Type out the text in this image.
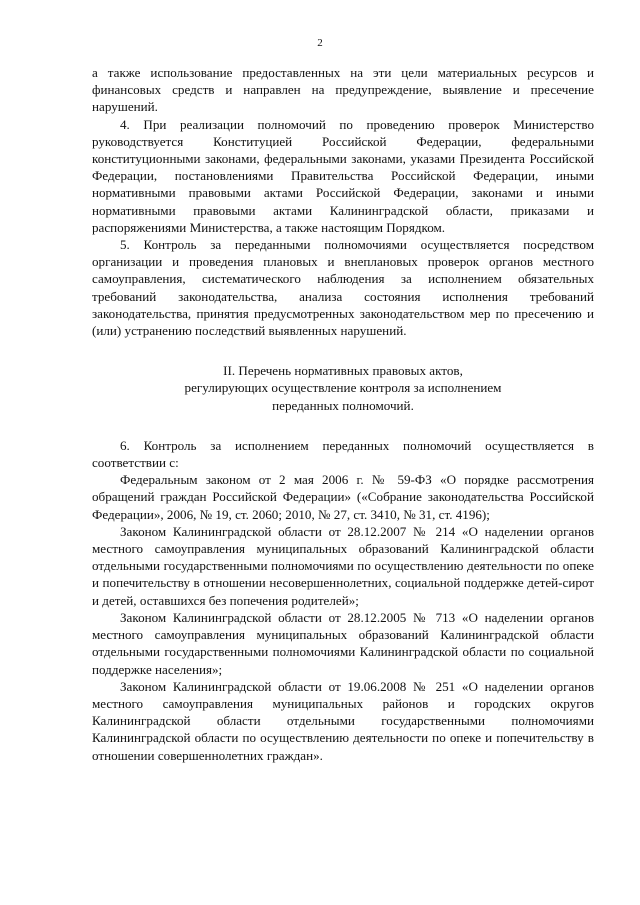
2

а также использование предоставленных на эти цели материальных ресурсов и финансовых средств и направлен на предупреждение, выявление и пресечение нарушений.

4. При реализации полномочий по проведению проверок Министерство руководствуется Конституцией Российской Федерации, федеральными конституционными законами, федеральными законами, указами Президента Российской Федерации, постановлениями Правительства Российской Федерации, иными нормативными правовыми актами Российской Федерации, законами и иными нормативными правовыми актами Калининградской области, приказами и распоряжениями Министерства, а также настоящим Порядком.

5. Контроль за переданными полномочиями осуществляется посредством организации и проведения плановых и внеплановых проверок органов местного самоуправления, систематического наблюдения за исполнением обязательных требований законодательства, анализа состояния исполнения требований законодательства, принятия предусмотренных законодательством мер по пресечению и (или) устранению последствий выявленных нарушений.

II. Перечень нормативных правовых актов,
регулирующих осуществление контроля за исполнением
переданных полномочий.

6. Контроль за исполнением переданных полномочий осуществляется в соответствии с:

Федеральным законом от 2 мая 2006 г. № 59-ФЗ «О порядке рассмотрения обращений граждан Российской Федерации» («Собрание законодательства Российской Федерации», 2006, № 19, ст. 2060; 2010, № 27, ст. 3410, № 31, ст. 4196);

Законом Калининградской области от 28.12.2007 № 214 «О наделении органов местного самоуправления муниципальных образований Калининградской области отдельными государственными полномочиями по осуществлению деятельности по опеке и попечительству в отношении несовершеннолетних, социальной поддержке детей-сирот и детей, оставшихся без попечения родителей»;

Законом Калининградской области от 28.12.2005 № 713 «О наделении органов местного самоуправления муниципальных образований Калининградской области отдельными государственными полномочиями Калининградской области по социальной поддержке населения»;

Законом Калининградской области от 19.06.2008 № 251 «О наделении органов местного самоуправления муниципальных районов и городских округов Калининградской области отдельными государственными полномочиями Калининградской области по осуществлению деятельности по опеке и попечительству в отношении совершеннолетних граждан».
